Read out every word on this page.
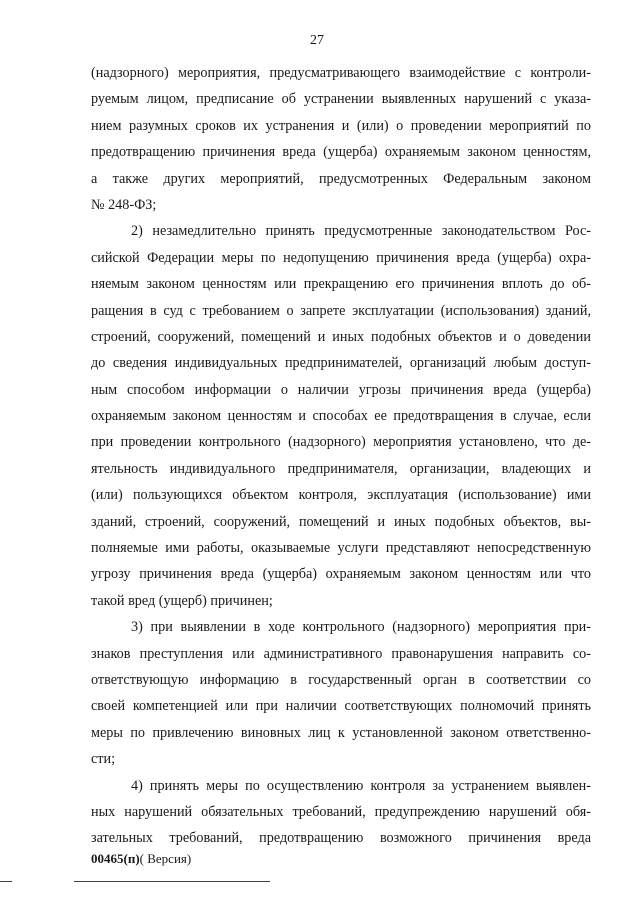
27
(надзорного) мероприятия, предусматривающего взаимодействие с контроли-
руемым лицом, предписание об устранении выявленных нарушений с указа-
нием разумных сроков их устранения и (или) о проведении мероприятий по
предотвращению причинения вреда (ущерба) охраняемым законом ценностям,
а также других мероприятий, предусмотренных Федеральным законом
№ 248-ФЗ;
2) незамедлительно принять предусмотренные законодательством Рос-
сийской Федерации меры по недопущению причинения вреда (ущерба) охра-
няемым законом ценностям или прекращению его причинения вплоть до об-
ращения в суд с требованием о запрете эксплуатации (использования) зданий,
строений, сооружений, помещений и иных подобных объектов и о доведении
до сведения индивидуальных предпринимателей, организаций любым доступ-
ным способом информации о наличии угрозы причинения вреда (ущерба)
охраняемым законом ценностям и способах ее предотвращения в случае, если
при проведении контрольного (надзорного) мероприятия установлено, что де-
ятельность индивидуального предпринимателя, организации, владеющих и
(или) пользующихся объектом контроля, эксплуатация (использование) ими
зданий, строений, сооружений, помещений и иных подобных объектов, вы-
полняемые ими работы, оказываемые услуги представляют непосредственную
угрозу причинения вреда (ущерба) охраняемым законом ценностям или что
такой вред (ущерб) причинен;
3) при выявлении в ходе контрольного (надзорного) мероприятия при-
знаков преступления или административного правонарушения направить со-
ответствующую информацию в государственный орган в соответствии со
своей компетенцией или при наличии соответствующих полномочий принять
меры по привлечению виновных лиц к установленной законом ответственно-
сти;
4) принять меры по осуществлению контроля за устранением выявлен-
ных нарушений обязательных требований, предупреждению нарушений обя-
зательных требований, предотвращению возможного причинения вреда
00465(п)( Версия)
